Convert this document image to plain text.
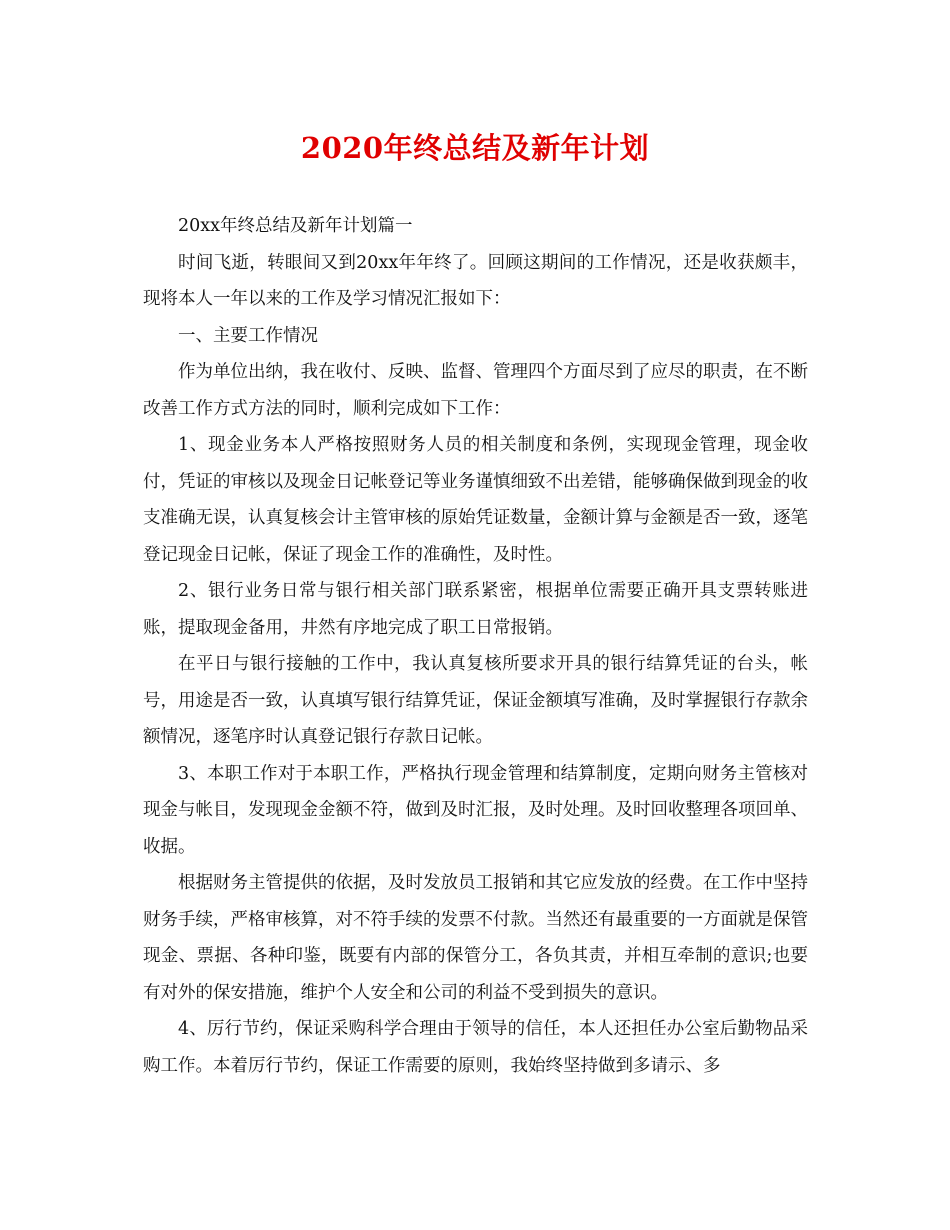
2020年终总结及新年计划

20xx年终总结及新年计划篇一

时间飞逝，转眼间又到20xx年年终了。回顾这期间的工作情况，还是收获颇丰，现将本人一年以来的工作及学习情况汇报如下：

一、主要工作情况

作为单位出纳，我在收付、反映、监督、管理四个方面尽到了应尽的职责，在不断改善工作方式方法的同时，顺利完成如下工作：

1、现金业务本人严格按照财务人员的相关制度和条例，实现现金管理，现金收付，凭证的审核以及现金日记帐登记等业务谨慎细致不出差错，能够确保做到现金的收支准确无误，认真复核会计主管审核的原始凭证数量，金额计算与金额是否一致，逐笔登记现金日记帐，保证了现金工作的准确性，及时性。

2、银行业务日常与银行相关部门联系紧密，根据单位需要正确开具支票转账进账，提取现金备用，井然有序地完成了职工日常报销。

在平日与银行接触的工作中，我认真复核所要求开具的银行结算凭证的台头，帐号，用途是否一致，认真填写银行结算凭证，保证金额填写准确，及时掌握银行存款余额情况，逐笔序时认真登记银行存款日记帐。

3、本职工作对于本职工作，严格执行现金管理和结算制度，定期向财务主管核对现金与帐目，发现现金金额不符，做到及时汇报，及时处理。及时回收整理各项回单、收据。

根据财务主管提供的依据，及时发放员工报销和其它应发放的经费。在工作中坚持财务手续，严格审核算，对不符手续的发票不付款。当然还有最重要的一方面就是保管现金、票据、各种印鉴，既要有内部的保管分工，各负其责，并相互牵制的意识;也要有对外的保安措施，维护个人安全和公司的利益不受到损失的意识。

4、厉行节约，保证采购科学合理由于领导的信任，本人还担任办公室后勤物品采购工作。本着厉行节约，保证工作需要的原则，我始终坚持做到多请示、多
